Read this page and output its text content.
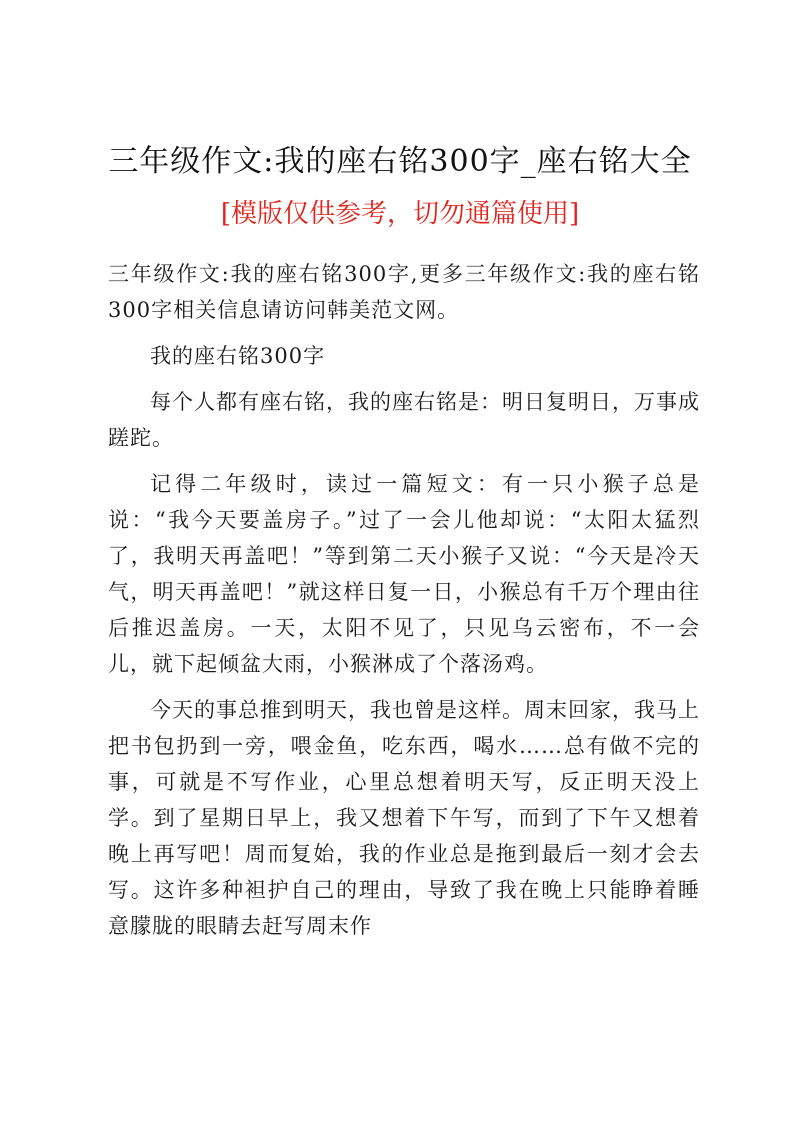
三年级作文:我的座右铭300字_座右铭大全
[模版仅供参考，切勿通篇使用]

三年级作文:我的座右铭300字,更多三年级作文:我的座右铭300字相关信息请访问韩美范文网。

我的座右铭300字

每个人都有座右铭，我的座右铭是：明日复明日，万事成蹉跎。

记得二年级时，读过一篇短文：有一只小猴子总是说：“我今天要盖房子。”过了一会儿他却说：“太阳太猛烈了，我明天再盖吧！”等到第二天小猴子又说：“今天是冷天气，明天再盖吧！”就这样日复一日，小猴总有千万个理由往后推迟盖房。一天，太阳不见了，只见乌云密布，不一会儿，就下起倾盆大雨，小猴淋成了个落汤鸡。

今天的事总推到明天，我也曾是这样。周末回家，我马上把书包扔到一旁，喂金鱼，吃东西，喝水……总有做不完的事，可就是不写作业，心里总想着明天写，反正明天没上学。到了星期日早上，我又想着下午写，而到了下午又想着晚上再写吧！周而复始，我的作业总是拖到最后一刻才会去写。这许多种袒护自己的理由，导致了我在晚上只能睁着睡意朦胧的眼睛去赶写周末作
